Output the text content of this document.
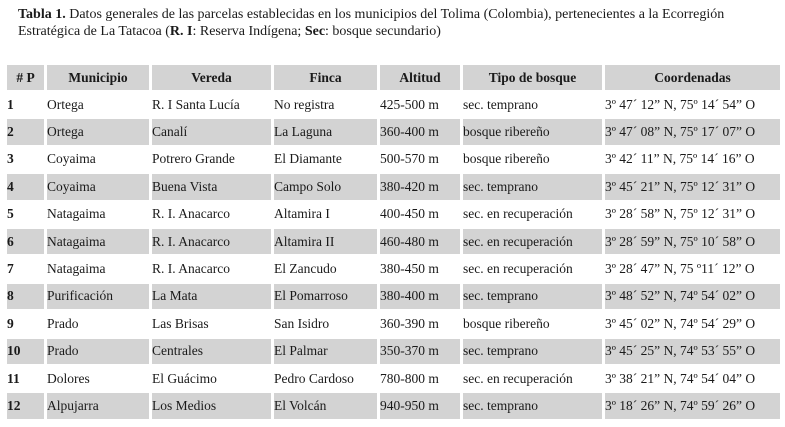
Tabla 1. Datos generales de las parcelas establecidas en los municipios del Tolima (Colombia), pertenecientes a la Ecorregión Estratégica de La Tatacoa (R. I: Reserva Indígena; Sec: bosque secundario)
# P	Municipio	Vereda	Finca	Altitud	Tipo de bosque	Coordenadas
1	Ortega	R. I Santa Lucía	No registra	425-500 m	sec. temprano	3º 47´ 12” N, 75º 14´ 54” O
2	Ortega	Canalí	La Laguna	360-400 m	bosque ribereño	3º 47´ 08” N, 75º 17´ 07” O
3	Coyaima	Potrero Grande	El Diamante	500-570 m	bosque ribereño	3º 42´ 11” N, 75º 14´ 16” O
4	Coyaima	Buena Vista	Campo Solo	380-420 m	sec. temprano	3º 45´ 21” N, 75º 12´ 31” O
5	Natagaima	R. I. Anacarco	Altamira I	400-450 m	sec. en recuperación	3º 28´ 58” N, 75º 12´ 31” O
6	Natagaima	R. I. Anacarco	Altamira II	460-480 m	sec. en recuperación	3º 28´ 59” N, 75º 10´ 58” O
7	Natagaima	R. I. Anacarco	El Zancudo	380-450 m	sec. en recuperación	3º 28´ 47” N, 75 º11´ 12” O
8	Purificación	La Mata	El Pomarroso	380-400 m	sec. temprano	3º 48´ 52” N, 74º 54´ 02” O
9	Prado	Las Brisas	San Isidro	360-390 m	bosque ribereño	3º 45´ 02” N, 74º 54´ 29” O
10	Prado	Centrales	El Palmar	350-370 m	sec. temprano	3º 45´ 25” N, 74º 53´ 55” O
11	Dolores	El Guácimo	Pedro Cardoso	780-800 m	sec. en recuperación	3º 38´ 21” N, 74º 54´ 04” O
12	Alpujarra	Los Medios	El Volcán	940-950 m	sec. temprano	3º 18´ 26” N, 74º 59´ 26” O
